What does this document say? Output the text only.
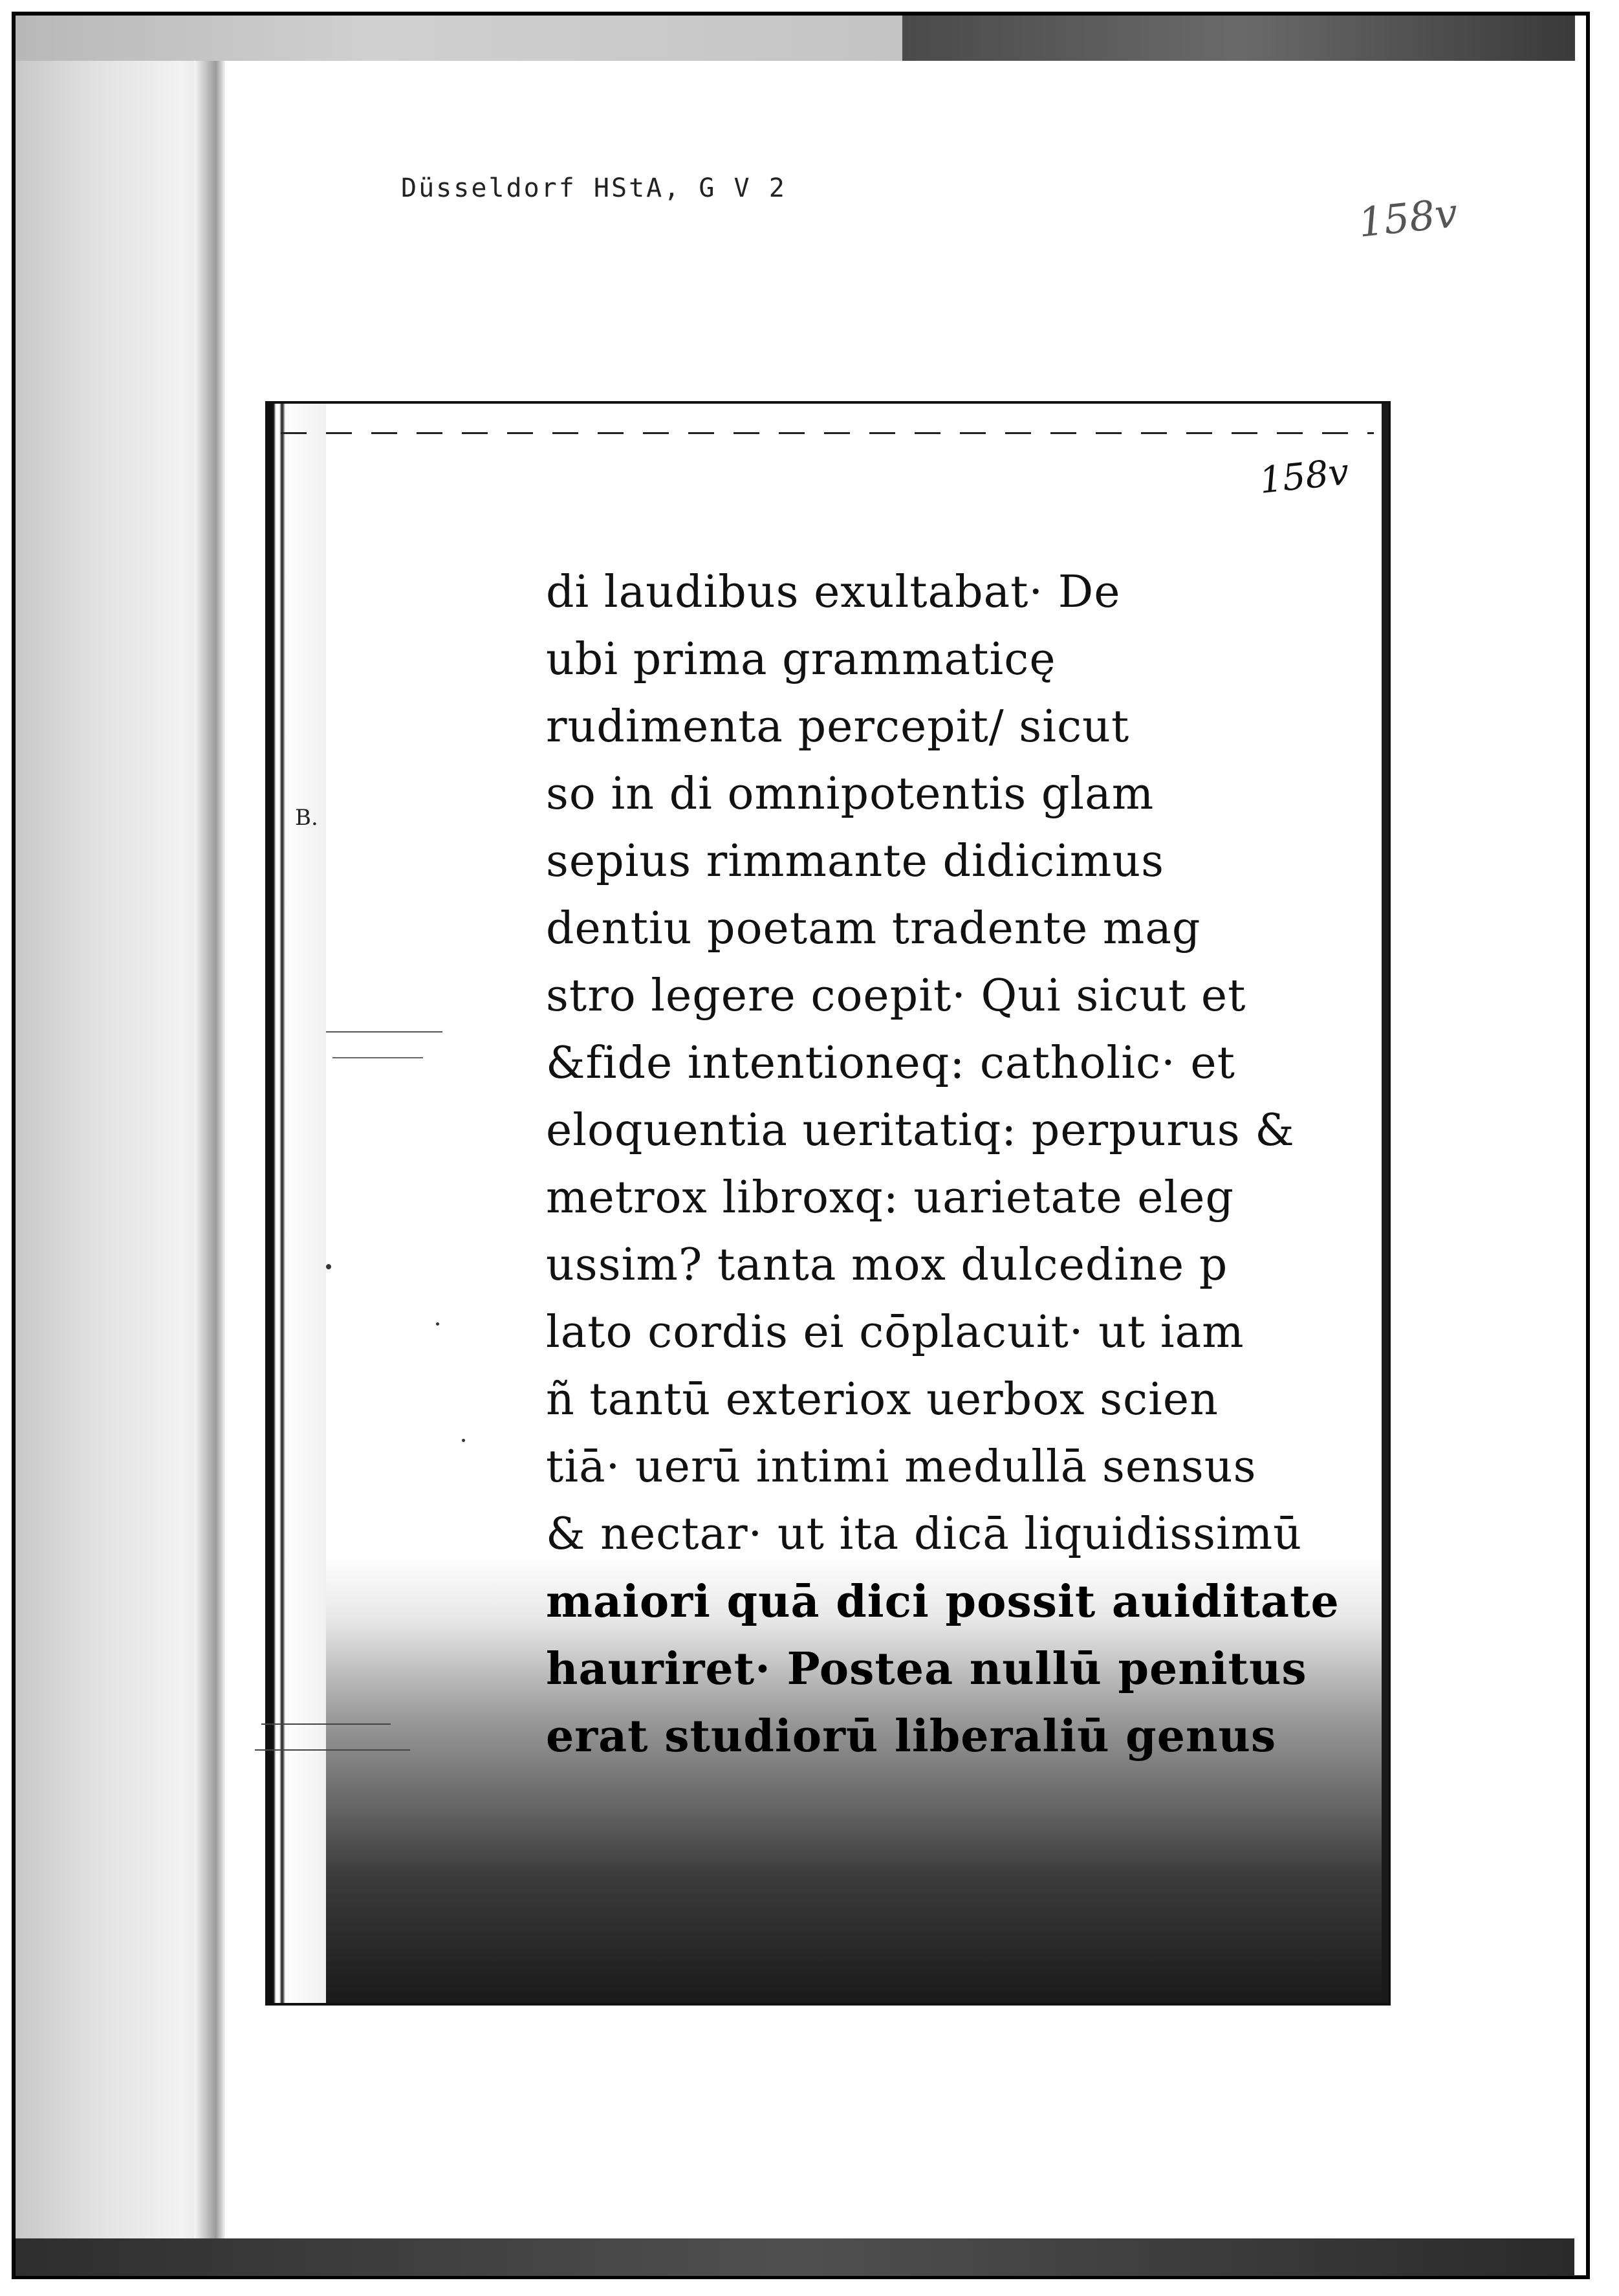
Düsseldorf HStA, G V 2
158v
158v
B.
di laudibus exultabat· De
ubi prima grammaticę
rudimenta percepit/ sicut
so in di omnipotentis glam
sepius rimmante didicimus
dentiu poetam tradente mag
stro legere coepit· Qui sicut et
&fide intentioneq: catholic· et
eloquentia ueritatiq: perpurus &
metrox libroxq: uarietate eleg
ussim? tanta mox dulcedine p
lato cordis ei cōplacuit· ut iam
ñ tantū exteriox uerbox scien
tiā· uerū intimi medullā sensus
& nectar· ut ita dicā liquidissimū
maiori quā dici possit auiditate
hauriret· Postea nullū penitus
erat studiorū liberaliū genus
